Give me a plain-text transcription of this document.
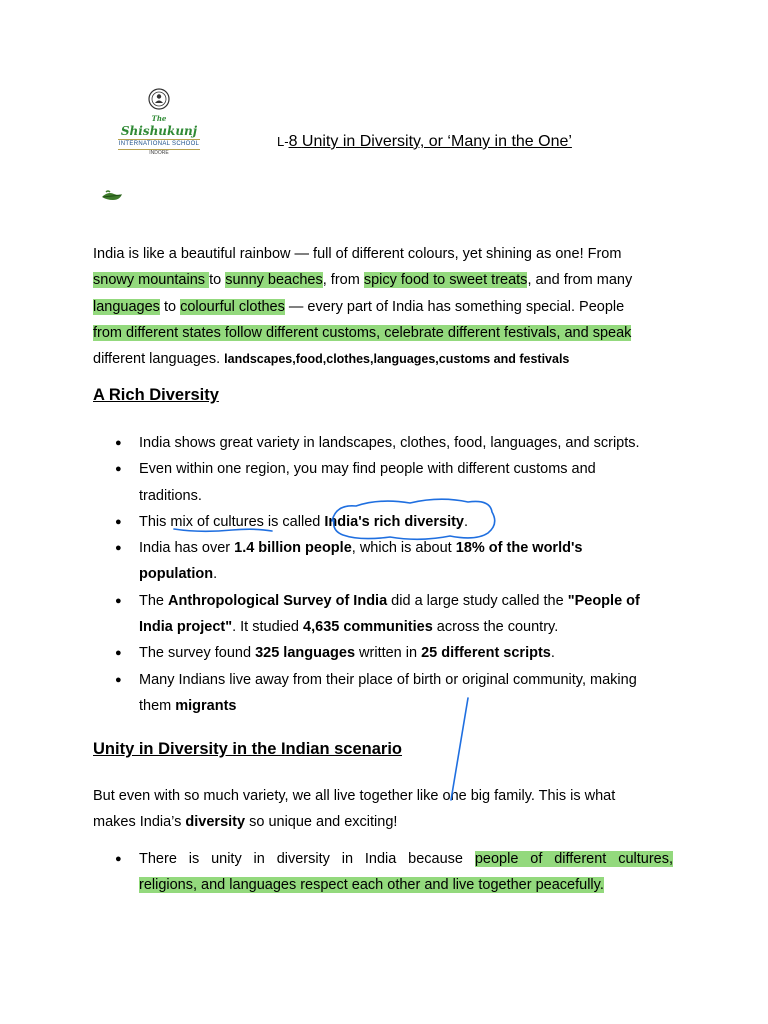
The Shishukunj
INTERNATIONAL SCHOOL
INDORE
L-8 Unity in Diversity, or ‘Many in the One’
India is like a beautiful rainbow — full of different colours, yet shining as one! From
snowy mountains to sunny beaches, from spicy food to sweet treats, and from many
languages to colourful clothes — every part of India has something special. People
from different states follow different customs, celebrate different festivals, and speak
different languages. landscapes,food,clothes,languages,customs and festivals
A Rich Diversity
● India shows great variety in landscapes, clothes, food, languages, and scripts.
● Even within one region, you may find people with different customs and
traditions.
● This mix of cultures is called India's rich diversity.
● India has over 1.4 billion people, which is about 18% of the world's
population.
● The Anthropological Survey of India did a large study called the "People of
India project". It studied 4,635 communities across the country.
● The survey found 325 languages written in 25 different scripts.
● Many Indians live away from their place of birth or original community, making
them migrants
Unity in Diversity in the Indian scenario
But even with so much variety, we all live together like one big family. This is what
makes India’s diversity so unique and exciting!
● There is unity in diversity in India because people of different cultures,
religions, and languages respect each other and live together peacefully.
